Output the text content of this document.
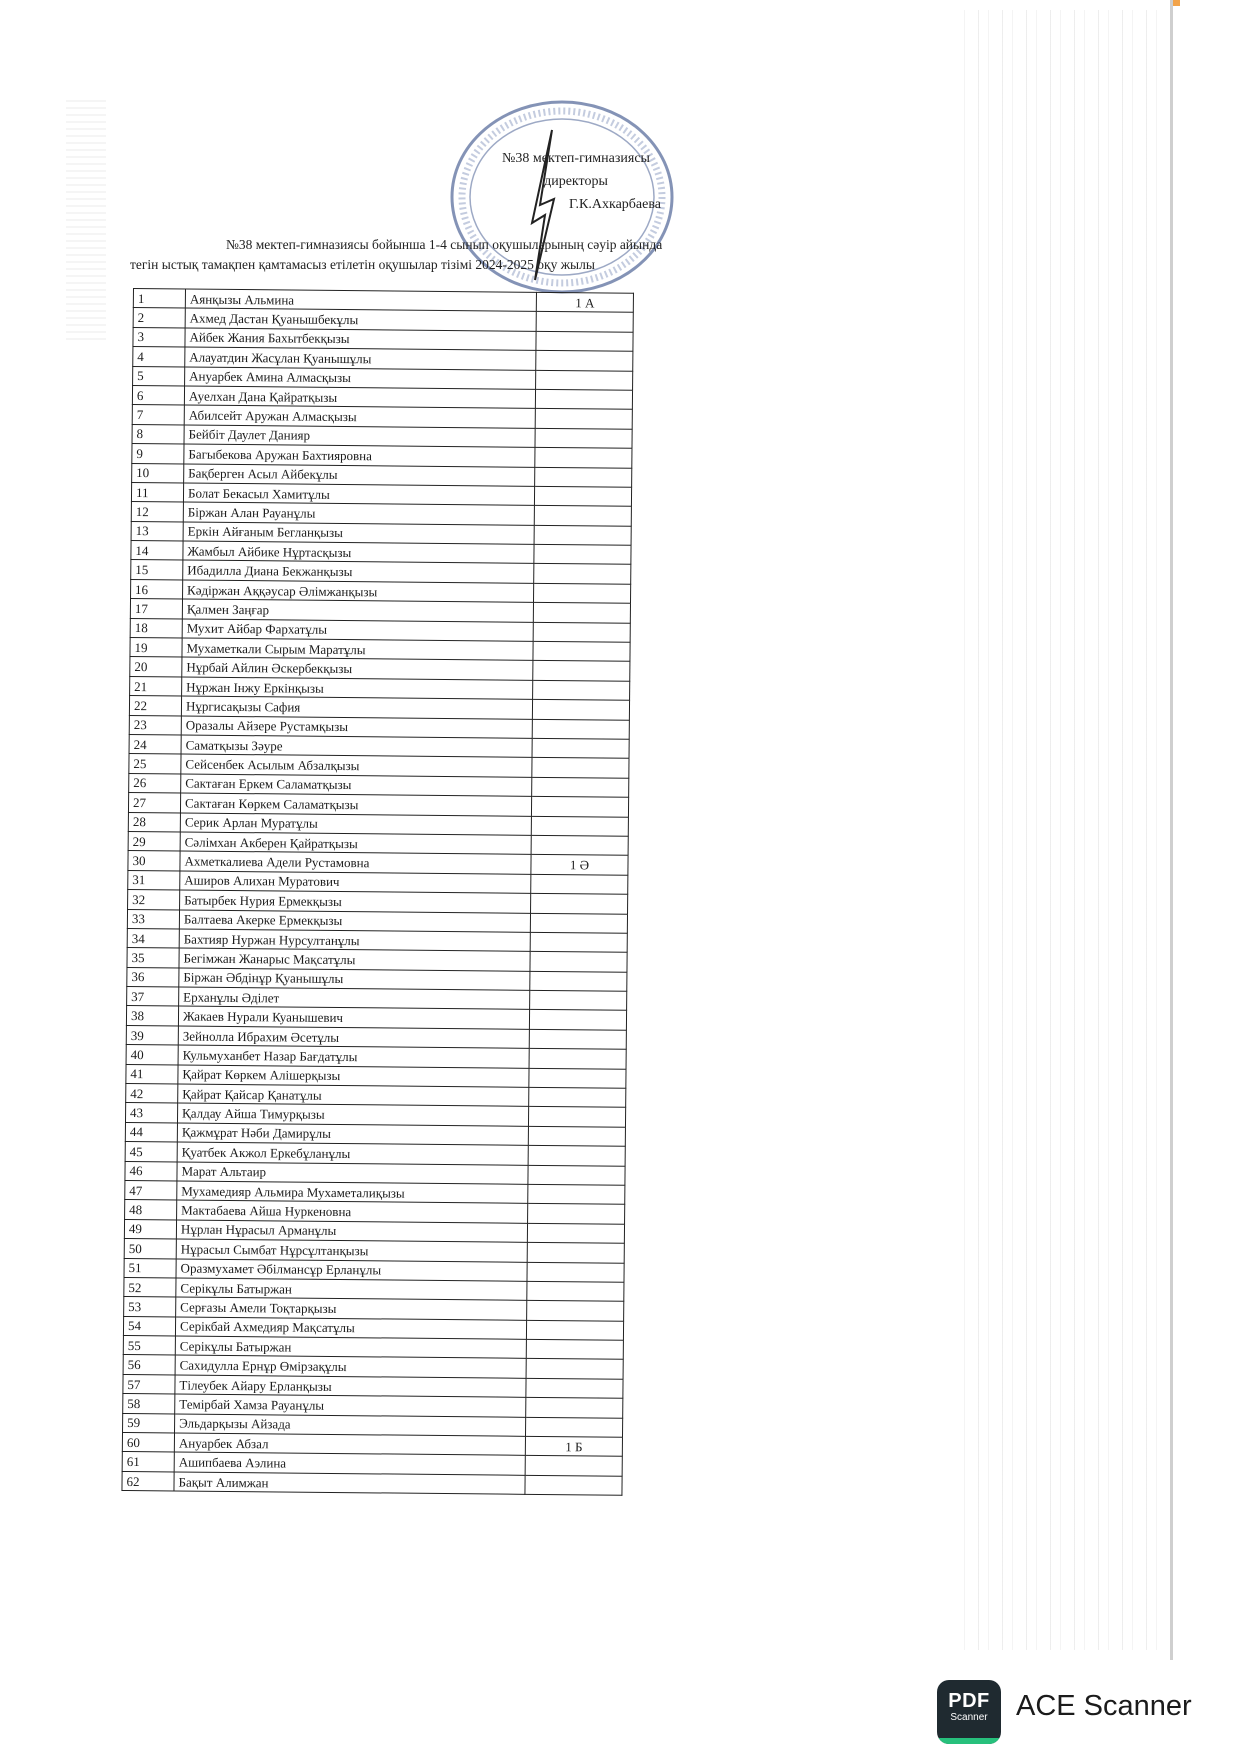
№38 мектеп-гимназиясы
директоры
Г.К.Ахкарбаева
№38 мектеп-гимназиясы бойынша 1-4 сынып оқушыларының сәуір айында
тегін ыстық тамақпен қамтамасыз етілетін оқушылар тізімі 2024-2025 оқу жылы
1	Аянқызы Альмина	1 А
2	Ахмед Дастан Қуанышбекұлы	
3	Айбек Жания Бахытбекқызы	
4	Алауатдин Жасұлан Қуанышұлы	
5	Ануарбек Амина Алмасқызы	
6	Ауелхан Дана Қайратқызы	
7	Абилсейт Аружан Алмасқызы	
8	Бейбіт Даулет Данияр	
9	Багыбекова Аружан Бахтияровна	
10	Бақберген Асыл Айбекұлы	
11	Болат Бекасыл Хамитұлы	
12	Біржан Алан Рауанұлы	
13	Еркін Айғаным Бегланқызы	
14	Жамбыл Айбике Нұртасқызы	
15	Ибадилла Диана Бекжанқызы	
16	Кәдіржан Аққәусар Әлімжанқызы	
17	Қалмен Заңғар	
18	Мухит Айбар Фархатұлы	
19	Мухаметкали Сырым Маратұлы	
20	Нұрбай Айлин Әскербекқызы	
21	Нұржан Інжу Еркінқызы	
22	Нұргисақызы Сафия	
23	Оразалы Айзере Рустамқызы	
24	Саматқызы Зәуре	
25	Сейсенбек Асылым Абзалқызы	
26	Сактаған Еркем Саламатқызы	
27	Сактаған Көркем Саламатқызы	
28	Серик Арлан Муратұлы	
29	Сәлімхан Акберен Қайратқызы	
30	Ахметкалиева Адели Рустамовна	1 Ә
31	Аширов Алихан Муратович	
32	Батырбек Нурия Ермекқызы	
33	Балтаева Акерке Ермекқызы	
34	Бахтияр Нуржан Нурсултанұлы	
35	Бегімжан Жанарыс Мақсатұлы	
36	Біржан Әбдінұр Қуанышұлы	
37	Ерханұлы Әділет	
38	Жакаев Нурали Куанышевич	
39	Зейнолла Ибрахим Әсетұлы	
40	Кульмуханбет Назар Бағдатұлы	
41	Қайрат Көркем Алішерқызы	
42	Қайрат Қайсар Қанатұлы	
43	Қалдау Айша Тимурқызы	
44	Қажмұрат Нәби Дамирұлы	
45	Қуатбек Акжол Еркебұланұлы	
46	Марат Альтаир	
47	Мухамедияр Альмира Мухаметалиқызы	
48	Мактабаева Айша Нуркеновна	
49	Нұрлан Нұрасыл Арманұлы	
50	Нұрасыл Сымбат Нұрсұлтанқызы	
51	Оразмухамет Әбілмансұр Ерланұлы	
52	Серікұлы Батыржан	
53	Серғазы Амели Тоқтарқызы	
54	Серікбай Ахмедияр Мақсатұлы	
55	Серікұлы Батыржан	
56	Сахидулла Ернұр Өмірзақұлы	
57	Тілеубек Айару Ерланқызы	
58	Темірбай Хамза Рауанұлы	
59	Эльдарқызы Айзада	
60	Ануарбек Абзал	1 Б
61	Ашипбаева Аэлина	
62	Бақыт Алимжан	
PDF
Scanner ACE Scanner
